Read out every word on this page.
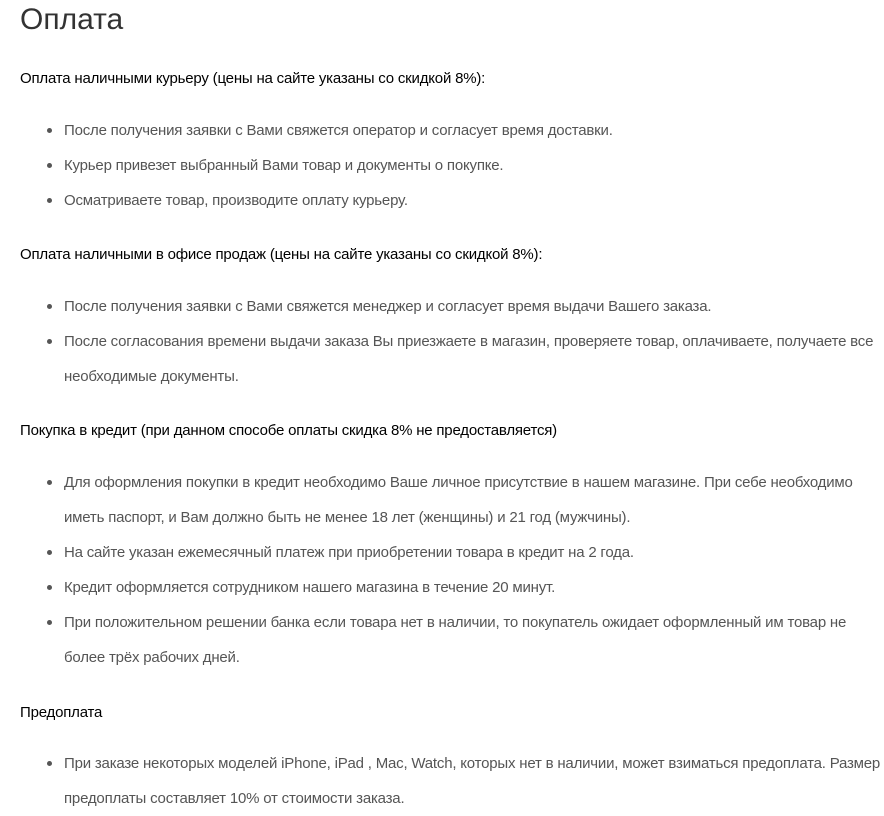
Оплата

Оплата наличными курьеру (цены на сайте указаны со скидкой 8%):

После получения заявки с Вами свяжется оператор и согласует время доставки.
Курьер привезет выбранный Вами товар и документы о покупке.
Осматриваете товар, производите оплату курьеру.

Оплата наличными в офисе продаж (цены на сайте указаны со скидкой 8%):

После получения заявки с Вами свяжется менеджер и согласует время выдачи Вашего заказа.
После согласования времени выдачи заказа Вы приезжаете в магазин, проверяете товар, оплачиваете, получаете все необходимые документы.

Покупка в кредит (при данном способе оплаты скидка 8% не предоставляется)

Для оформления покупки в кредит необходимо Ваше личное присутствие в нашем магазине. При себе необходимо иметь паспорт, и Вам должно быть не менее 18 лет (женщины) и 21 год (мужчины).
На сайте указан ежемесячный платеж при приобретении товара в кредит на 2 года.
Кредит оформляется сотрудником нашего магазина в течение 20 минут.
При положительном решении банка если товара нет в наличии, то покупатель ожидает оформленный им товар не более трёх рабочих дней.

Предоплата

При заказе некоторых моделей iPhone, iPad , Mac, Watch, которых нет в наличии, может взиматься предоплата. Размер предоплаты составляет 10% от стоимости заказа.
